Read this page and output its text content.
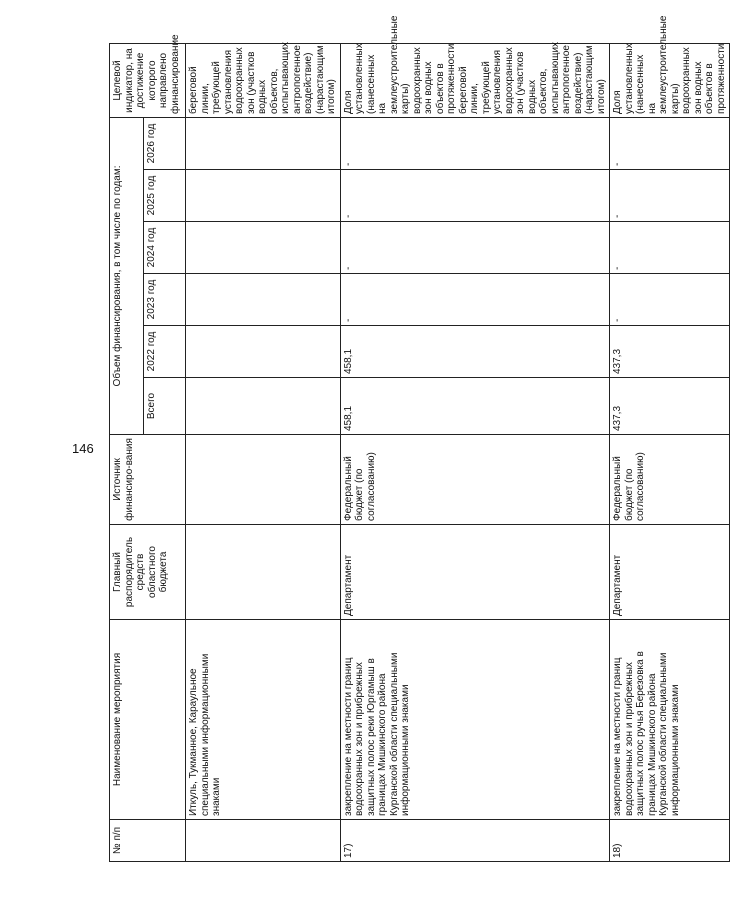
146
№ п/п	Наименование мероприятия	Главный распорядитель средств областного бюджета	Источник финансиро-вания	Объем финансирования, в том числе по годам:						Целевой индикатор, на достижение которого направлено финансирование
				Всего	2022 год	2023 год	2024 год	2025 год	2026 год	
	Иткуль, Тукманное, Караульное специальными информационными знаками									береговой линии, требующей установления водоохранных зон (участков водных объектов, испытывающих антропогенное воздействие) (нарастающим итогом)
17)	закрепление на местности границ водоохранных зон и прибрежных защитных полос реки Юргамыш в границах Мишкинского района Курганской области специальными информационными знаками	Департамент	Федеральный бюджет (по согласованию)	458,1	458,1	-	-	-	-	Доля установленных (нанесенных на землеустроительные карты) водоохранных зон водных объектов в протяженности береговой линии, требующей установления водоохранных зон (участков водных объектов, испытывающих антропогенное воздействие) (нарастающим итогом)
18)	закрепление на местности границ водоохранных зон и прибрежных защитных полос ручья Березовка в границах Мишкинского района Курганской области специальными информационными знаками	Департамент	Федеральный бюджет (по согласованию)	437,3	437,3	-	-	-	-	Доля установленных (нанесенных на землеустроительные карты) водоохранных зон водных объектов в протяженности
